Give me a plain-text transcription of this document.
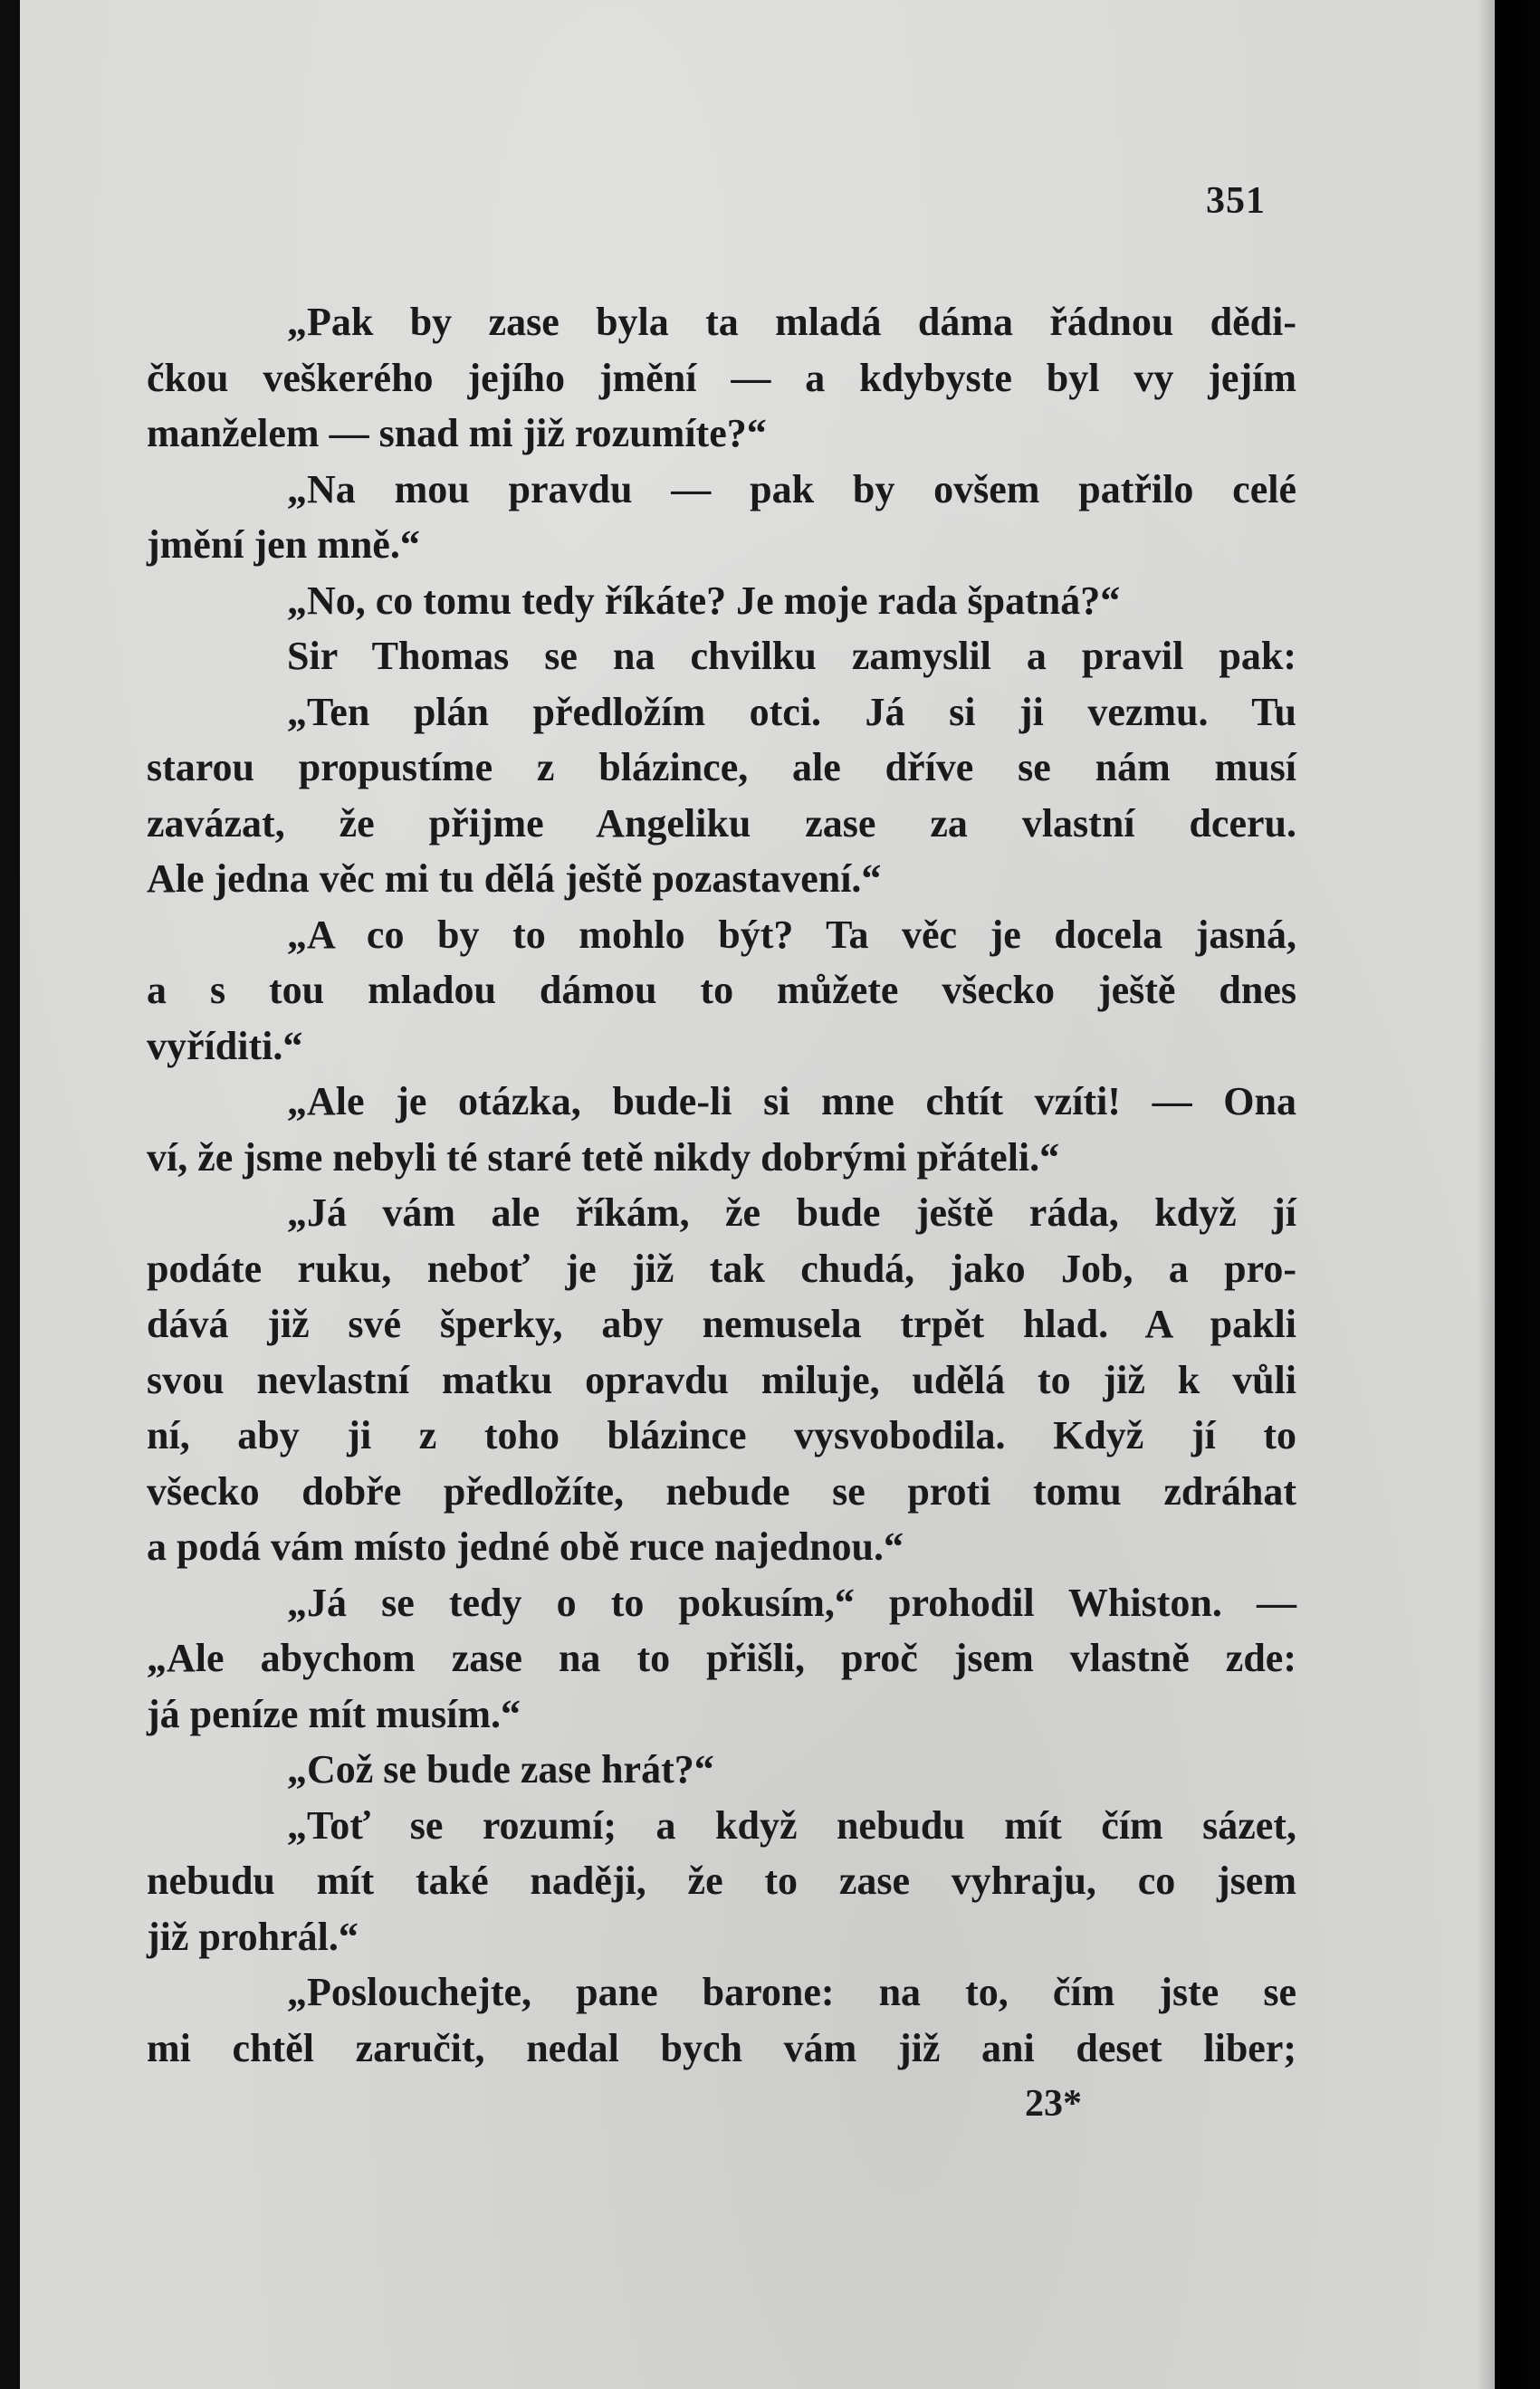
351
„Pak by zase byla ta mladá dáma řádnou dědi-
čkou veškerého jejího jmění — a kdybyste byl vy jejím
manželem — snad mi již rozumíte?“
„Na mou pravdu — pak by ovšem patřilo celé
jmění jen mně.“
„No, co tomu tedy říkáte? Je moje rada špatná?“
Sir Thomas se na chvilku zamyslil a pravil pak:
„Ten plán předložím otci. Já si ji vezmu. Tu
starou propustíme z blázince, ale dříve se nám musí
zavázat, že přijme Angeliku zase za vlastní dceru.
Ale jedna věc mi tu dělá ještě pozastavení.“
„A co by to mohlo být? Ta věc je docela jasná,
a s tou mladou dámou to můžete všecko ještě dnes
vyříditi.“
„Ale je otázka, bude-li si mne chtít vzíti! — Ona
ví, že jsme nebyli té staré tetě nikdy dobrými přáteli.“
„Já vám ale říkám, že bude ještě ráda, když jí
podáte ruku, neboť je již tak chudá, jako Job, a pro-
dává již své šperky, aby nemusela trpět hlad. A pakli
svou nevlastní matku opravdu miluje, udělá to již k vůli
ní, aby ji z toho blázince vysvobodila. Když jí to
všecko dobře předložíte, nebude se proti tomu zdráhat
a podá vám místo jedné obě ruce najednou.“
„Já se tedy o to pokusím,“ prohodil Whiston. —
„Ale abychom zase na to přišli, proč jsem vlastně zde:
já peníze mít musím.“
„Což se bude zase hrát?“
„Toť se rozumí; a když nebudu mít čím sázet,
nebudu mít také naději, že to zase vyhraju, co jsem
již prohrál.“
„Poslouchejte, pane barone: na to, čím jste se
mi chtěl zaručit, nedal bych vám již ani deset liber;
23*
